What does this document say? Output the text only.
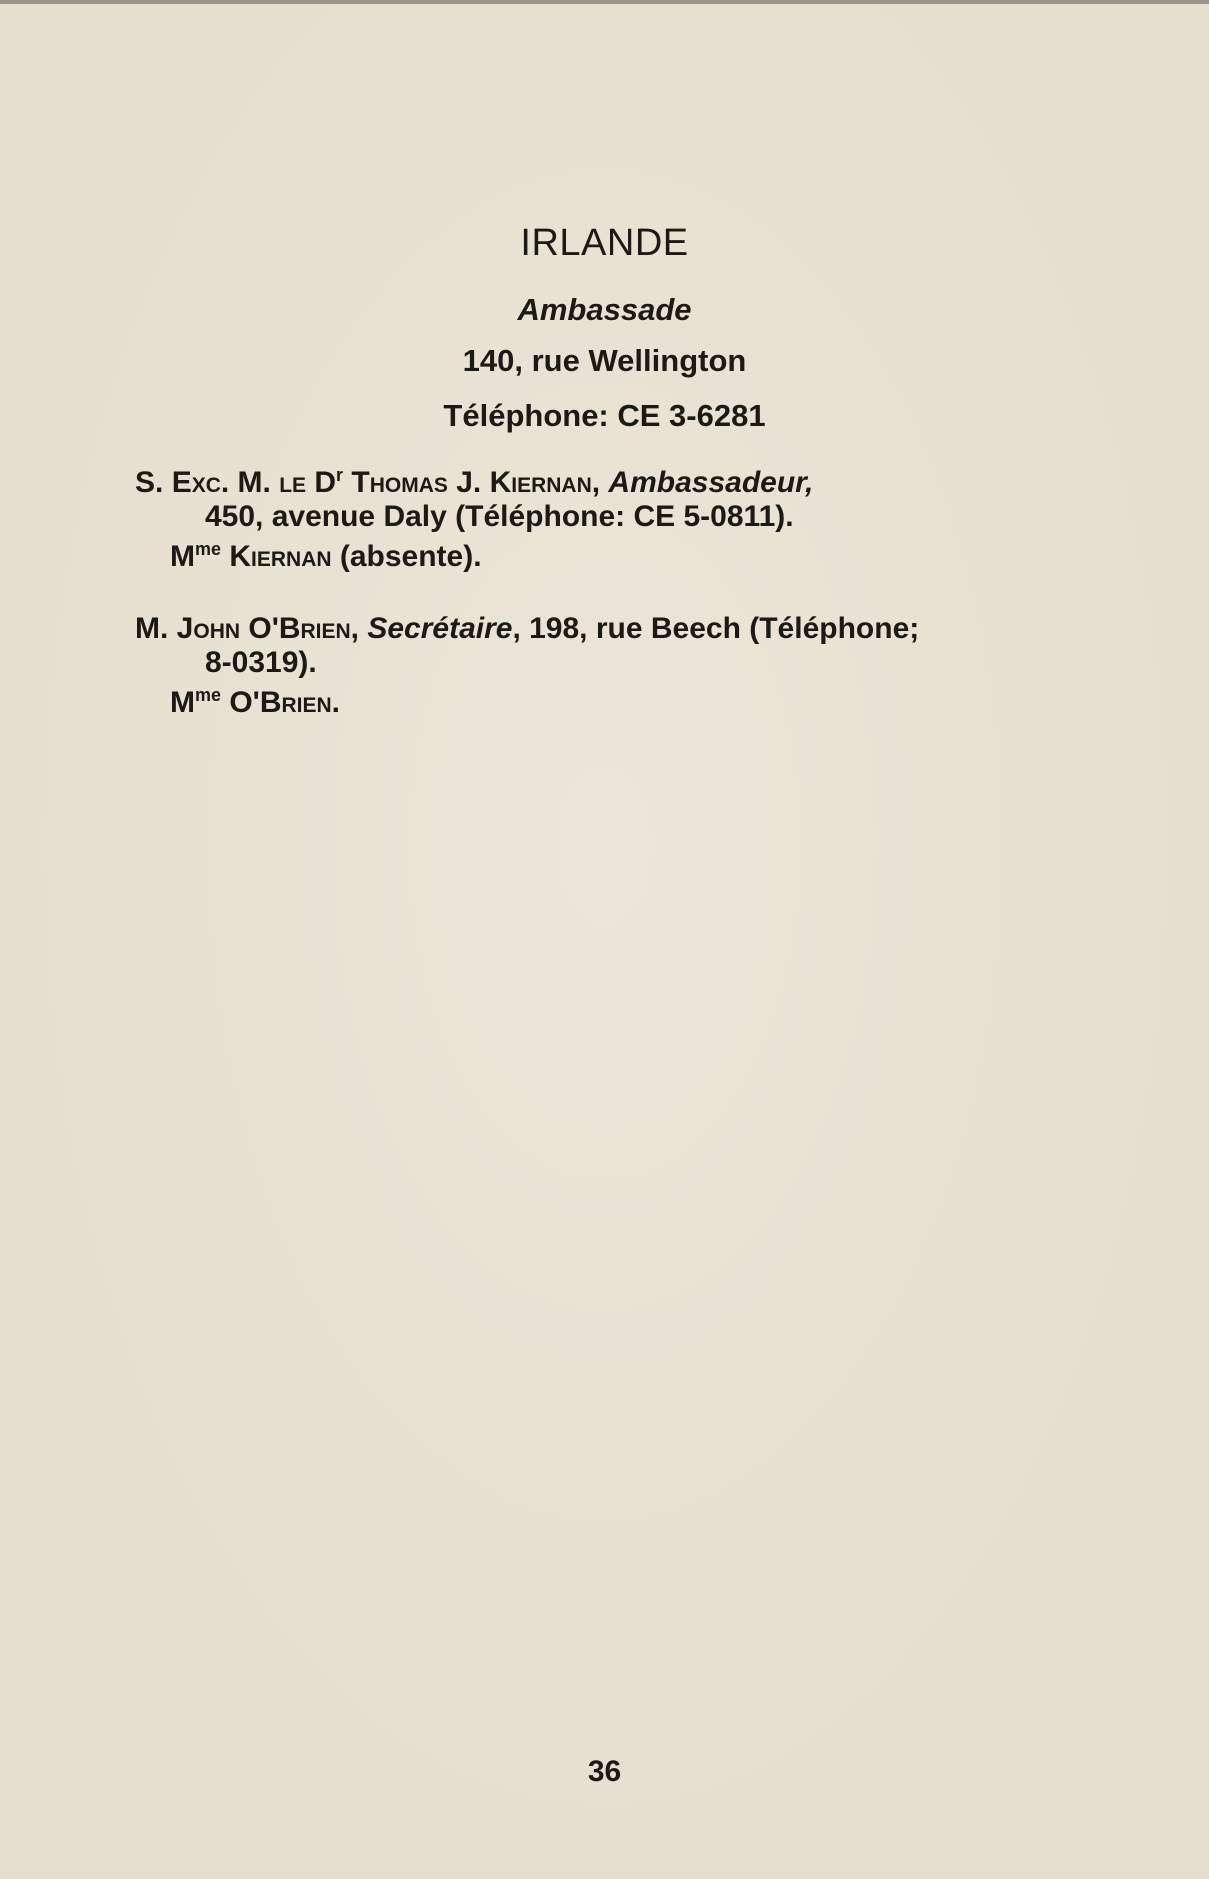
IRLANDE
Ambassade
140, rue Wellington
Téléphone: CE 3-6281
S. Exc. M. le $D^r$ Thomas J. Kiernan, Ambassadeur,
450, avenue Daly (Téléphone: CE 5-0811).
$M^{me}$ Kiernan (absente).
M. John O'Brien, Secrétaire, 198, rue Beech (Téléphone;
8-0319).
$M^{me}$ O'Brien.
36
